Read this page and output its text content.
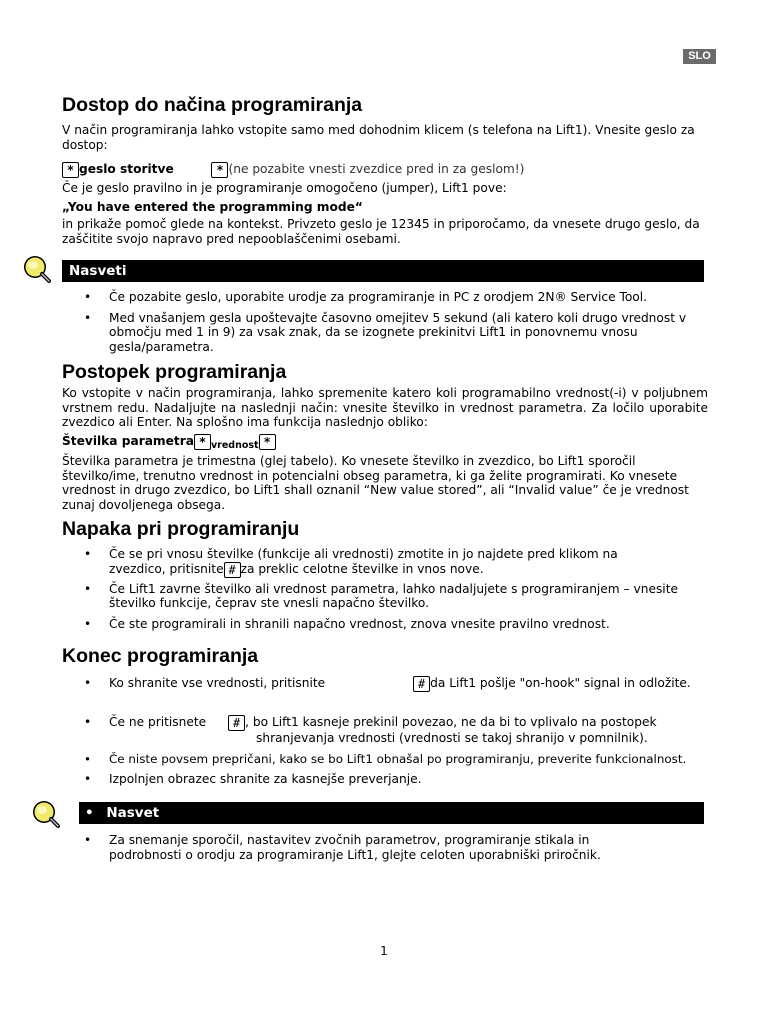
SLO
Dostop do načina programiranja
V način programiranja lahko vstopite samo med dohodnim klicem (s telefona na Lift1). Vnesite geslo za dostop:
* geslo storitve	* (ne pozabite vnesti zvezdice pred in za geslom!)
Če je geslo pravilno in je programiranje omogočeno (jumper), Lift1 pove:
„You have entered the programming mode“
in prikaže pomoč glede na kontekst. Privzeto geslo je 12345 in priporočamo, da vnesete drugo geslo, da zaščitite svojo napravo pred nepooblaščenimi osebami.
Nasveti
• Če pozabite geslo, uporabite urodje za programiranje in PC z orodjem 2N® Service Tool.
• Med vnašanjem gesla upoštevajte časovno omejitev 5 sekund (ali katero koli drugo vrednost v območju med 1 in 9) za vsak znak, da se izognete prekinitvi Lift1 in ponovnemu vnosu gesla/parametra.
Postopek programiranja
Ko vstopite v način programiranja, lahko spremenite katero koli programabilno vrednost(-i) v poljubnem vrstnem redu. Nadaljujte na naslednji način: vnesite številko in vrednost parametra. Za ločilo uporabite zvezdico ali Enter. Na splošno ima funkcija naslednjo obliko:
Številka parametra * $_{vrednost}$ *
Številka parametra je trimestna (glej tabelo). Ko vnesete številko in zvezdico, bo Lift1 sporočil številko/ime, trenutno vrednost in potencialni obseg parametra, ki ga želite programirati. Ko vnesete vrednost in drugo zvezdico, bo Lift1 shall oznanil “New value stored”, ali “Invalid value” če je vrednost zunaj dovoljenega obsega.
Napaka pri programiranju
• Če se pri vnosu številke (funkcije ali vrednosti) zmotite in jo najdete pred klikom na
zvezdico, pritisnite # za preklic celotne številke in vnos nove.
• Če Lift1 zavrne številko ali vrednost parametra, lahko nadaljujete s programiranjem – vnesite številko funkcije, čeprav ste vnesli napačno številko.
• Če ste programirali in shranili napačno vrednost, znova vnesite pravilno vrednost.
Konec programiranja
• Ko shranite vse vrednosti, pritisnite	# da Lift1 pošlje "on-hook" signal in odložite.
• Če ne pritisnete # , bo Lift1 kasneje prekinil povezao, ne da bi to vplivalo na postopek
shranjevanja vrednosti (vrednosti se takoj shranijo v pomnilnik).
• Če niste povsem prepričani, kako se bo Lift1 obnašal po programiranju, preverite funkcionalnost.
• Izpolnjen obrazec shranite za kasnejše preverjanje.
• Nasvet
• Za snemanje sporočil, nastavitev zvočnih parametrov, programiranje stikala in podrobnosti o orodju za programiranje Lift1, glejte celoten uporabniški priročnik.
1
